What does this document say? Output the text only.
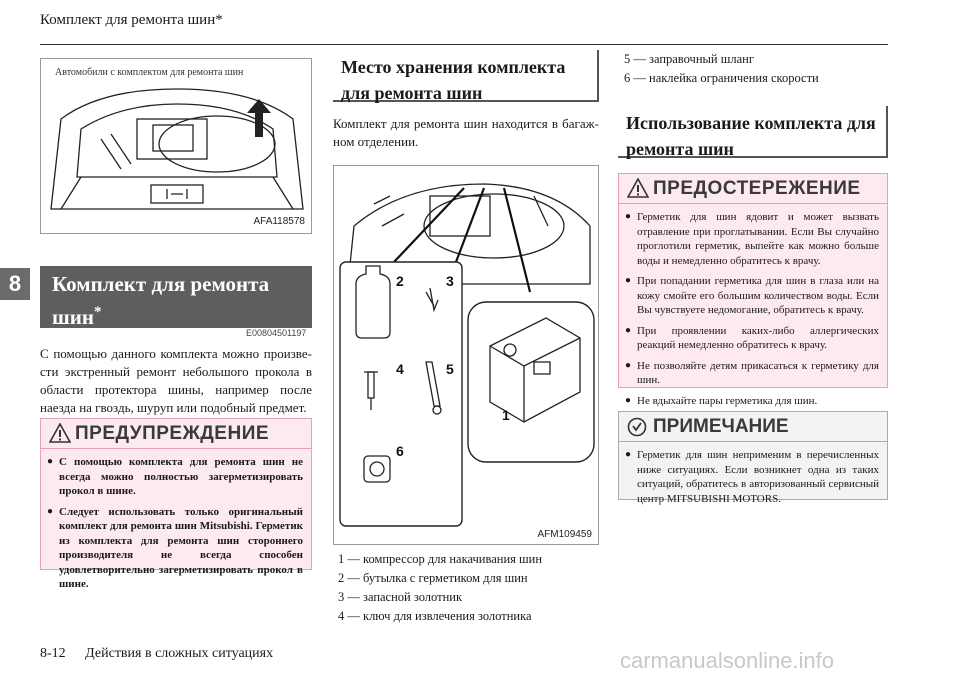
Комплект для ремонта шин*
8
Автомобили с комплектом для ремонта шин
AFA118578
Комплект для ремонта шин*
E00804501197
С помощью данного комплекта можно произвести экстренный ремонт небольшого прокола в области протектора шины, например после наезда на гвоздь, шуруп или подобный предмет.
ПРЕДУПРЕЖДЕНИЕ
● С помощью комплекта для ремонта шин не всегда можно полностью загерметизировать прокол в шине.
● Следует использовать только оригинальный комплект для ремонта шин Mitsubishi. Герметик из комплекта для ремонта шин стороннего производителя не всегда способен удовлетворительно загерметизировать прокол в шине.
Место хранения комплекта для ремонта шин
Комплект для ремонта шин находится в багажном отделении.
2	3
4	5
6
1
AFM109459
1 — компрессор для накачивания шин
2 — бутылка с герметиком для шин
3 — запасной золотник
4 — ключ для извлечения золотника
5 — заправочный шланг
6 — наклейка ограничения скорости
Использование комплекта для ремонта шин
ПРЕДОСТЕРЕЖЕНИЕ
● Герметик для шин ядовит и может вызвать отравление при проглатывании. Если Вы случайно проглотили герметик, выпейте как можно больше воды и немедленно обратитесь к врачу.
● При попадании герметика для шин в глаза или на кожу смойте его большим количеством воды. Если Вы чувствуете недомогание, обратитесь к врачу.
● При проявлении каких-либо аллергических реакций немедленно обратитесь к врачу.
● Не позволяйте детям прикасаться к герметику для шин.
● Не вдыхайте пары герметика для шин.
ПРИМЕЧАНИЕ
● Герметик для шин неприменим в перечисленных ниже ситуациях. Если возникнет одна из таких ситуаций, обратитесь в авторизованный сервисный центр MITSUBISHI MOTORS.
8-12 Действия в сложных ситуациях	carmanualsonline.info
